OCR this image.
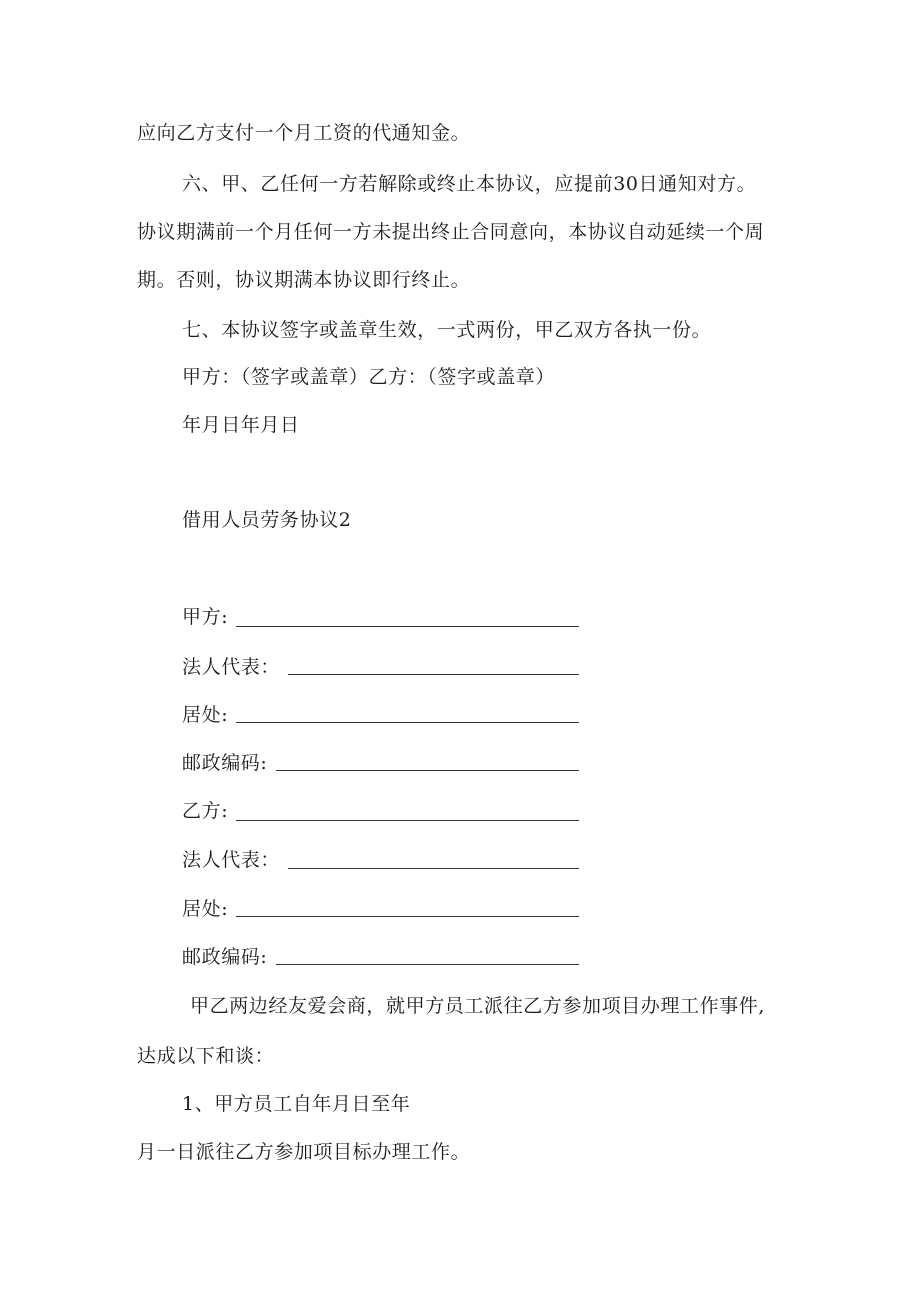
应向乙方支付一个月工资的代通知金。
六、甲、乙任何一方若解除或终止本协议，应提前30日通知对方。
协议期满前一个月任何一方未提出终止合同意向，本协议自动延续一个周
期。否则，协议期满本协议即行终止。
七、本协议签字或盖章生效，一式两份，甲乙双方各执一份。
甲方：（签字或盖章）乙方：（签字或盖章）
年月日年月日
借用人员劳务协议2
甲方:
法人代表：
居处:
邮政编码:
乙方:
法人代表：
居处:
邮政编码:
甲乙两边经友爱会商，就甲方员工派往乙方参加项目办理工作事件,
达成以下和谈：
1、甲方员工自年月日至年
月一日派往乙方参加项目标办理工作。
